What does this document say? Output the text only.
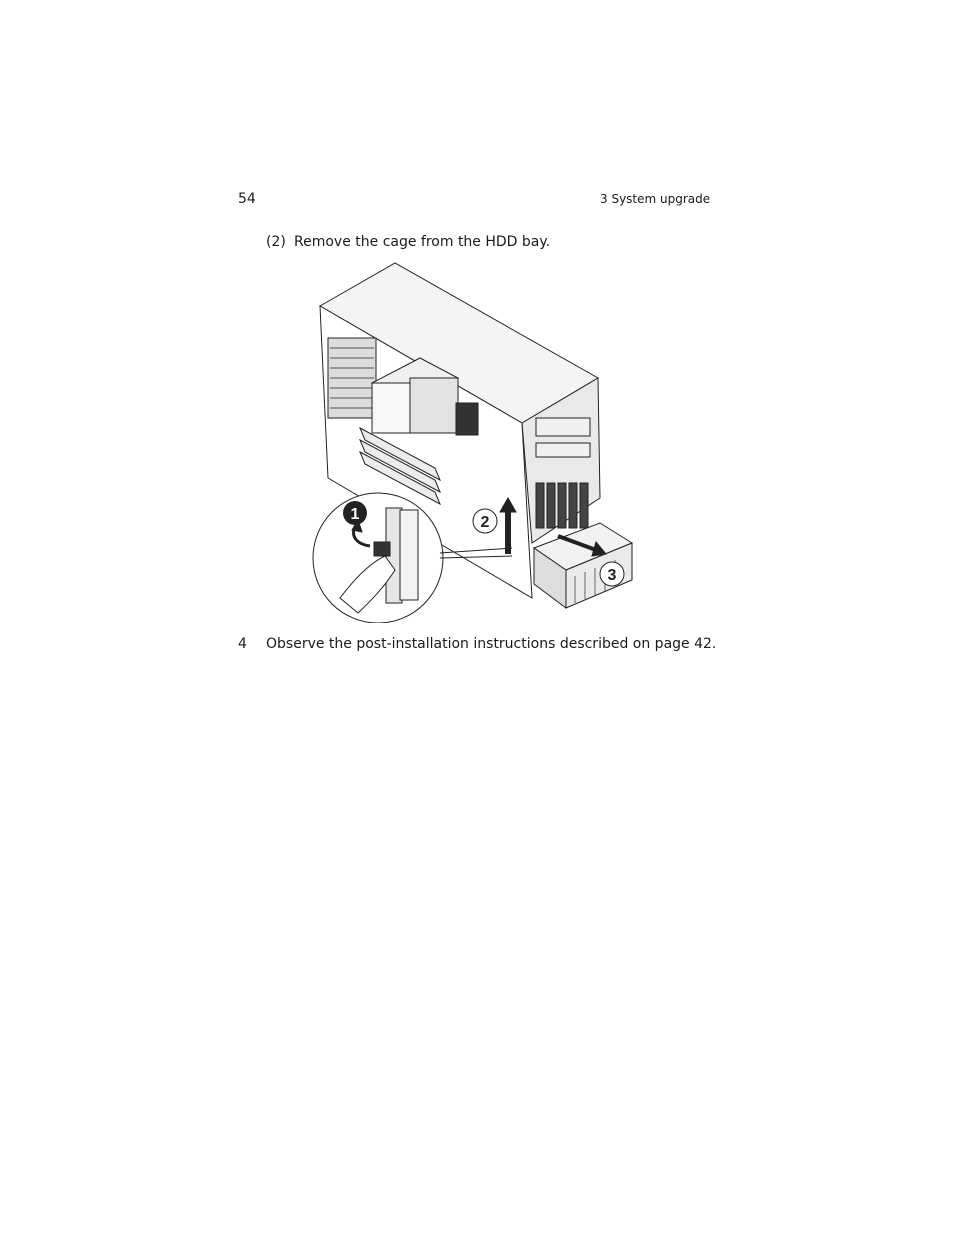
54	3 System upgrade
(2) Remove the cage from the HDD bay.
1	2
3
4 Observe the post-installation instructions described on page 42.
